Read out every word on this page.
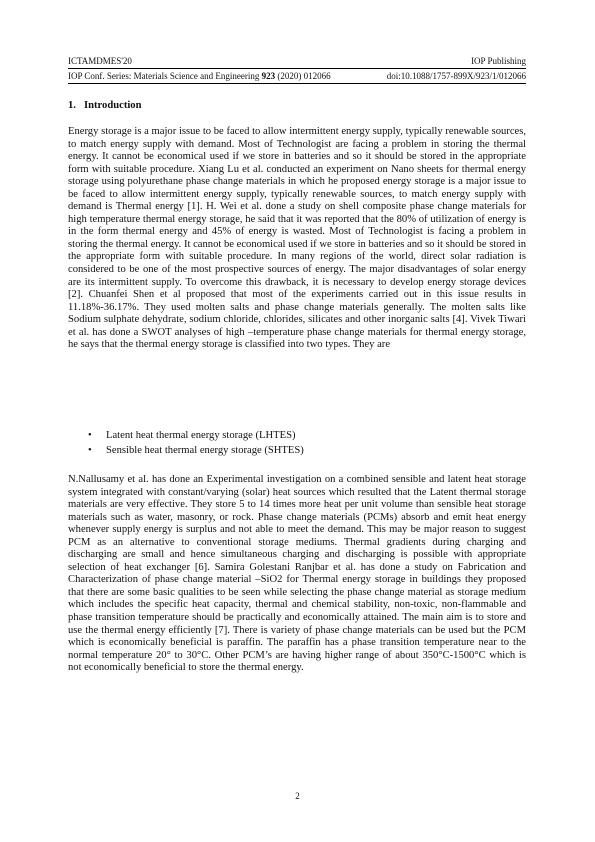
ICTAMDMES'20	IOP Publishing
IOP Conf. Series: Materials Science and Engineering 923 (2020) 012066	doi:10.1088/1757-899X/923/1/012066
1. Introduction

Energy storage is a major issue to be faced to allow intermittent energy supply, typically renewable sources, to match energy supply with demand. Most of Technologist are facing a problem in storing the thermal energy. It cannot be economical used if we store in batteries and so it should be stored in the appropriate form with suitable procedure. Xiang Lu et al. conducted an experiment on Nano sheets for thermal energy storage using polyurethane phase change materials in which he proposed energy storage is a major issue to be faced to allow intermittent energy supply, typically renewable sources, to match energy supply with demand is Thermal energy [1]. H. Wei et al. done a study on shell composite phase change materials for high temperature thermal energy storage, he said that it was reported that the 80% of utilization of energy is in the form thermal energy and 45% of energy is wasted. Most of Technologist is facing a problem in storing the thermal energy. It cannot be economical used if we store in batteries and so it should be stored in the appropriate form with suitable procedure. In many regions of the world, direct solar radiation is considered to be one of the most prospective sources of energy. The major disadvantages of solar energy are its intermittent supply. To overcome this drawback, it is necessary to develop energy storage devices [2]. Chuanfei Shen et al proposed that most of the experiments carried out in this issue results in 11.18%-36.17%. They used molten salts and phase change materials generally. The molten salts like Sodium sulphate dehydrate, sodium chloride, chlorides, silicates and other inorganic salts [4]. Vivek Tiwari et al. has done a SWOT analyses of high –temperature phase change materials for thermal energy storage, he says that the thermal energy storage is classified into two types. They are

• Latent heat thermal energy storage (LHTES)
• Sensible heat thermal energy storage (SHTES)

N.Nallusamy et al. has done an Experimental investigation on a combined sensible and latent heat storage system integrated with constant/varying (solar) heat sources which resulted that the Latent thermal storage materials are very effective. They store 5 to 14 times more heat per unit volume than sensible heat storage materials such as water, masonry, or rock. Phase change materials (PCMs) absorb and emit heat energy whenever supply energy is surplus and not able to meet the demand. This may be major reason to suggest PCM as an alternative to conventional storage mediums. Thermal gradients during charging and discharging are small and hence simultaneous charging and discharging is possible with appropriate selection of heat exchanger [6]. Samira Golestani Ranjbar et al. has done a study on Fabrication and Characterization of phase change material –SiO2 for Thermal energy storage in buildings they proposed that there are some basic qualities to be seen while selecting the phase change material as storage medium which includes the specific heat capacity, thermal and chemical stability, non-toxic, non-flammable and phase transition temperature should be practically and economically attained. The main aim is to store and use the thermal energy efficiently [7]. There is variety of phase change materials can be used but the PCM which is economically beneficial is paraffin. The paraffin has a phase transition temperature near to the normal temperature 20° to 30°C. Other PCM’s are having higher range of about 350°C-1500°C which is not economically beneficial to store the thermal energy.

2
